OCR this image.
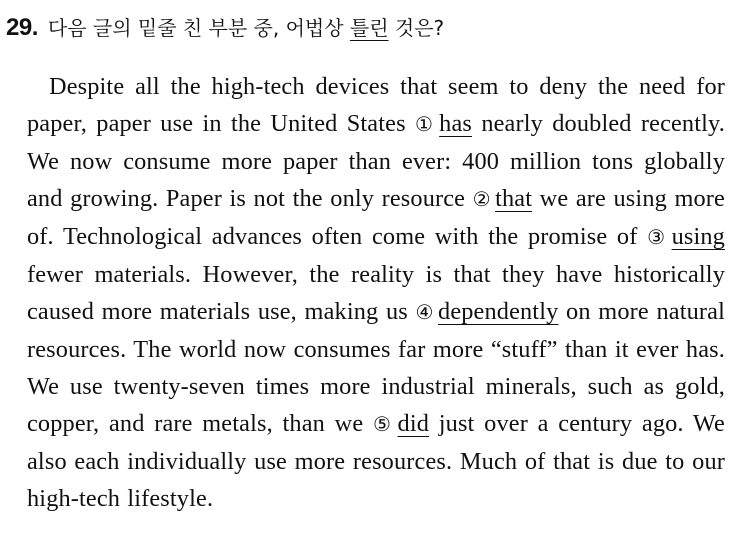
29. 다음 글의 밑줄 친 부분 중, 어법상 틀린 것은?

Despite all the high-tech devices that seem to deny the need for paper, paper use in the United States ① has nearly doubled recently. We now consume more paper than ever: 400 million tons globally and growing. Paper is not the only resource ② that we are using more of. Technological advances often come with the promise of ③ using fewer materials. However, the reality is that they have historically caused more materials use, making us ④ dependently on more natural resources. The world now consumes far more “stuff” than it ever has. We use twenty-seven times more industrial minerals, such as gold, copper, and rare metals, than we ⑤ did just over a century ago. We also each individually use more resources. Much of that is due to our high-tech lifestyle.
